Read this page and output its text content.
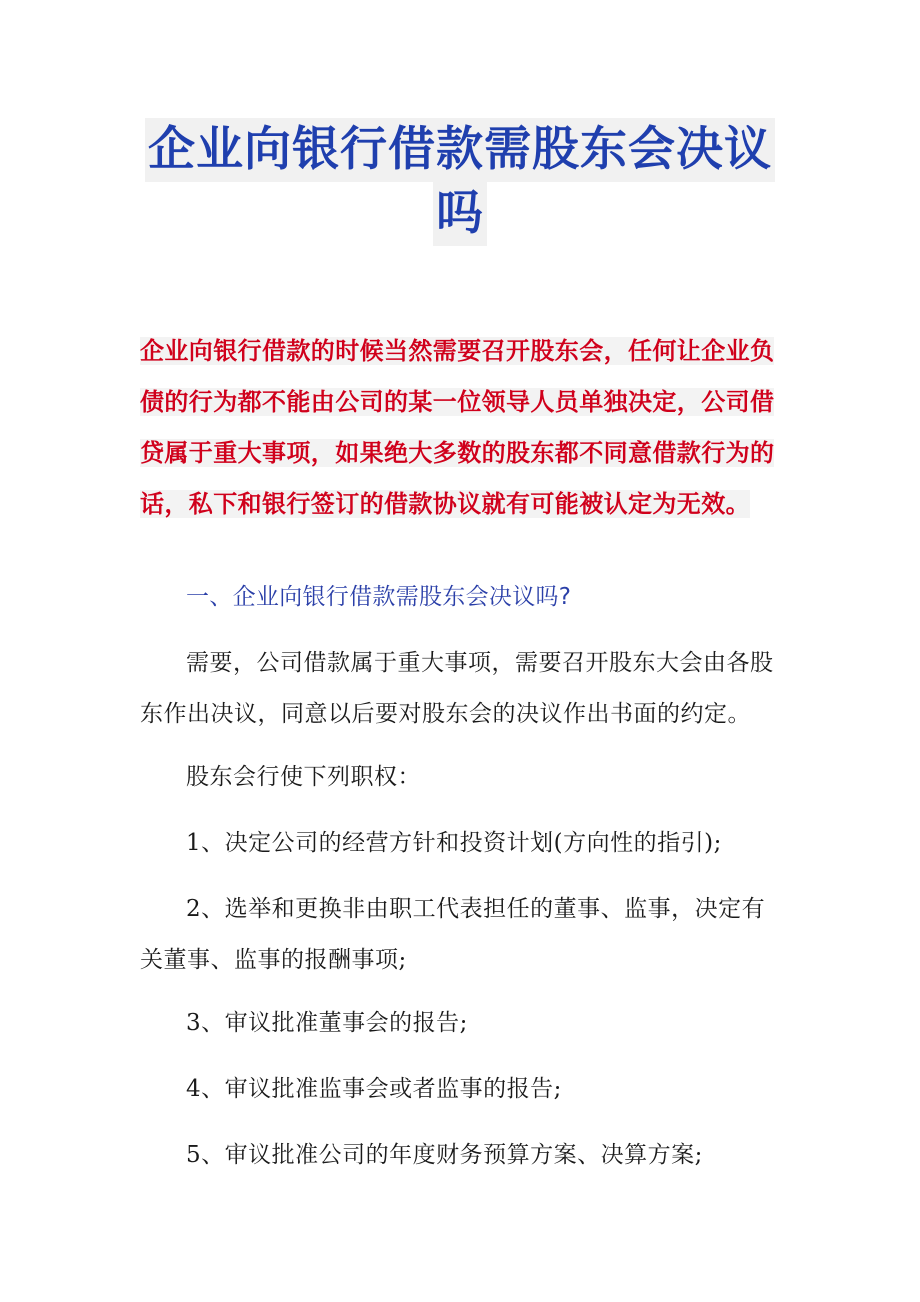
企业向银行借款需股东会决议
吗
企业向银行借款的时候当然需要召开股东会，任何让企业负债的行为都不能由公司的某一位领导人员单独决定，公司借贷属于重大事项，如果绝大多数的股东都不同意借款行为的话，私下和银行签订的借款协议就有可能被认定为无效。
一、企业向银行借款需股东会决议吗?
需要，公司借款属于重大事项，需要召开股东大会由各股东作出决议，同意以后要对股东会的决议作出书面的约定。
股东会行使下列职权：
1、决定公司的经营方针和投资计划(方向性的指引);
2、选举和更换非由职工代表担任的董事、监事，决定有关董事、监事的报酬事项;
3、审议批准董事会的报告;
4、审议批准监事会或者监事的报告;
5、审议批准公司的年度财务预算方案、决算方案;
